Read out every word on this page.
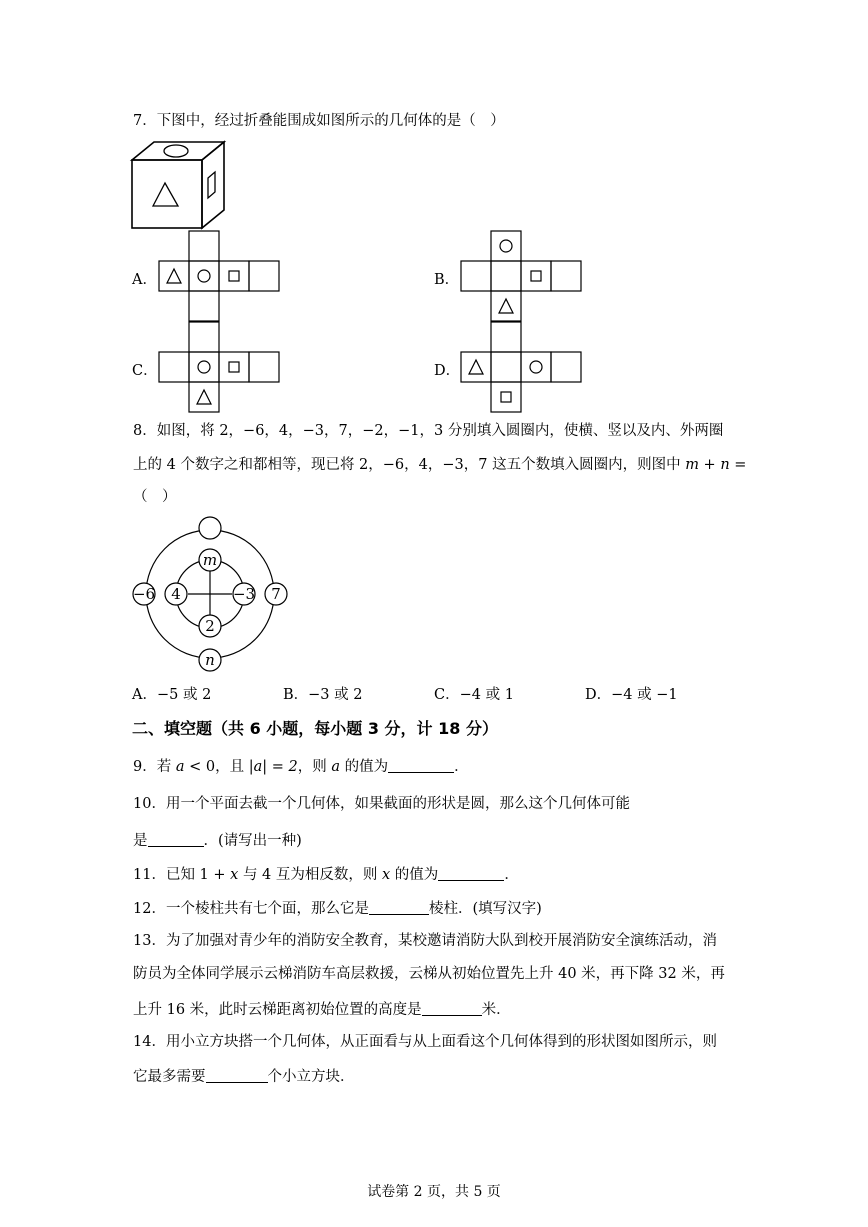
7．下图中，经过折叠能围成如图所示的几何体的是（　）
A．	B．
C．	D．
8．如图，将 2，−6，4，−3，7，−2，−1，3 分别填入圆圈内，使横、竖以及内、外两圈
上的 4 个数字之和都相等，现已将 2，−6，4，−3，7 这五个数填入圆圈内，则图中 m + n =
（　）
m
n
2
−6 4	−3 7
A．−5 或 2	B．−3 或 2	C．−4 或 1	D．−4 或 −1
二、填空题（共 6 小题，每小题 3 分，计 18 分）
9．若 a < 0，且 |a| = 2，则 a 的值为	．
10．用一个平面去截一个几何体，如果截面的形状是圆，那么这个几何体可能
是	．(请写出一种)
11．已知 1 + x 与 4 互为相反数，则 x 的值为	．
12．一个棱柱共有七个面，那么它是	棱柱．(填写汉字)
13．为了加强对青少年的消防安全教育，某校邀请消防大队到校开展消防安全演练活动，消
防员为全体同学展示云梯消防车高层救援，云梯从初始位置先上升 40 米，再下降 32 米，再
上升 16 米，此时云梯距离初始位置的高度是	米．
14．用小立方块搭一个几何体，从正面看与从上面看这个几何体得到的形状图如图所示，则
它最多需要	个小立方块．
试卷第 2 页，共 5 页
